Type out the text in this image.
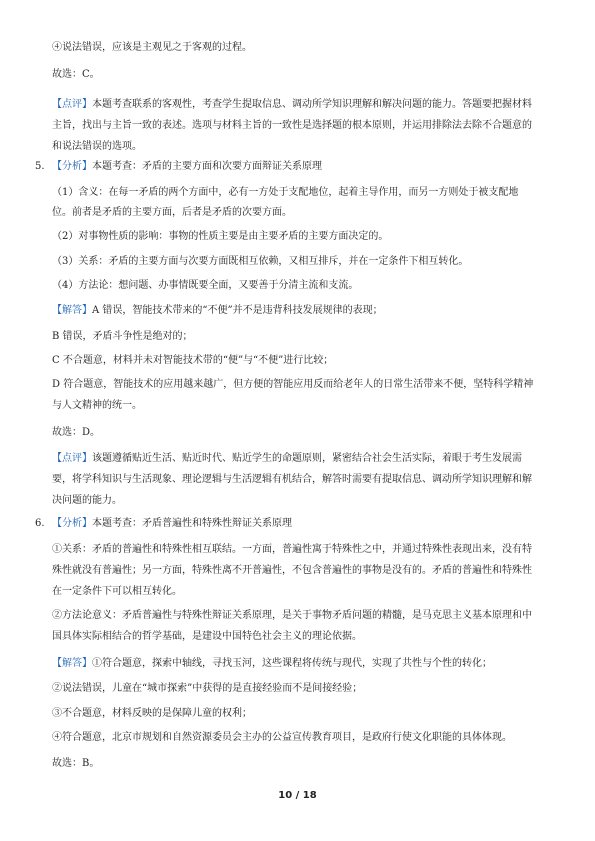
④说法错误，应该是主观见之于客观的过程。
故选：C。
【点评】本题考查联系的客观性，考查学生提取信息、调动所学知识理解和解决问题的能力。答题要把握材料
主旨，找出与主旨一致的表述。选项与材料主旨的一致性是选择题的根本原则，并运用排除法去除不合题意的
和说法错误的选项。
5. 【分析】本题考查：矛盾的主要方面和次要方面辩证关系原理
（1）含义：在每一矛盾的两个方面中，必有一方处于支配地位，起着主导作用，而另一方则处于被支配地
位。前者是矛盾的主要方面，后者是矛盾的次要方面。
（2）对事物性质的影响：事物的性质主要是由主要矛盾的主要方面决定的。
（3）关系：矛盾的主要方面与次要方面既相互依赖，又相互排斥，并在一定条件下相互转化。
（4）方法论：想问题、办事情既要全面，又要善于分清主流和支流。
【解答】A 错误，智能技术带来的“不便”并不是违背科技发展规律的表现；
B 错误，矛盾斗争性是绝对的；
C 不合题意，材料并未对智能技术带的“便”与“不便”进行比较；
D 符合题意，智能技术的应用越来越广，但方便的智能应用反而给老年人的日常生活带来不便，坚特科学精神
与人文精神的统一。
故选：D。
【点评】该题遵循贴近生活、贴近时代、贴近学生的命题原则，紧密结合社会生活实际，着眼于考生发展需
要，将学科知识与生活现象、理论逻辑与生活逻辑有机结合，解答时需要有提取信息、调动所学知识理解和解
决问题的能力。
6. 【分析】本题考查：矛盾普遍性和特殊性辩证关系原理
①关系：矛盾的普遍性和特殊性相互联结。一方面，普遍性寓于特殊性之中，并通过特殊性表现出来，没有特
殊性就没有普遍性；另一方面，特殊性离不开普遍性，不包含普遍性的事物是没有的。矛盾的普遍性和特殊性
在一定条件下可以相互转化。
②方法论意义：矛盾普遍性与特殊性辩证关系原理，是关于事物矛盾问题的精髓，是马克思主义基本原理和中
国具体实际相结合的哲学基础，是建设中国特色社会主义的理论依据。
【解答】①符合题意，探索中轴线，寻找玉河，这些课程将传统与现代，实现了共性与个性的转化；
②说法错误，儿童在“城市探索”中获得的是直接经验而不是间接经验；
③不合题意，材料反映的是保障儿童的权利；
④符合题意，北京市规划和自然资源委员会主办的公益宣传教育项目，是政府行使文化职能的具体体现。
故选：B。
10 / 18
